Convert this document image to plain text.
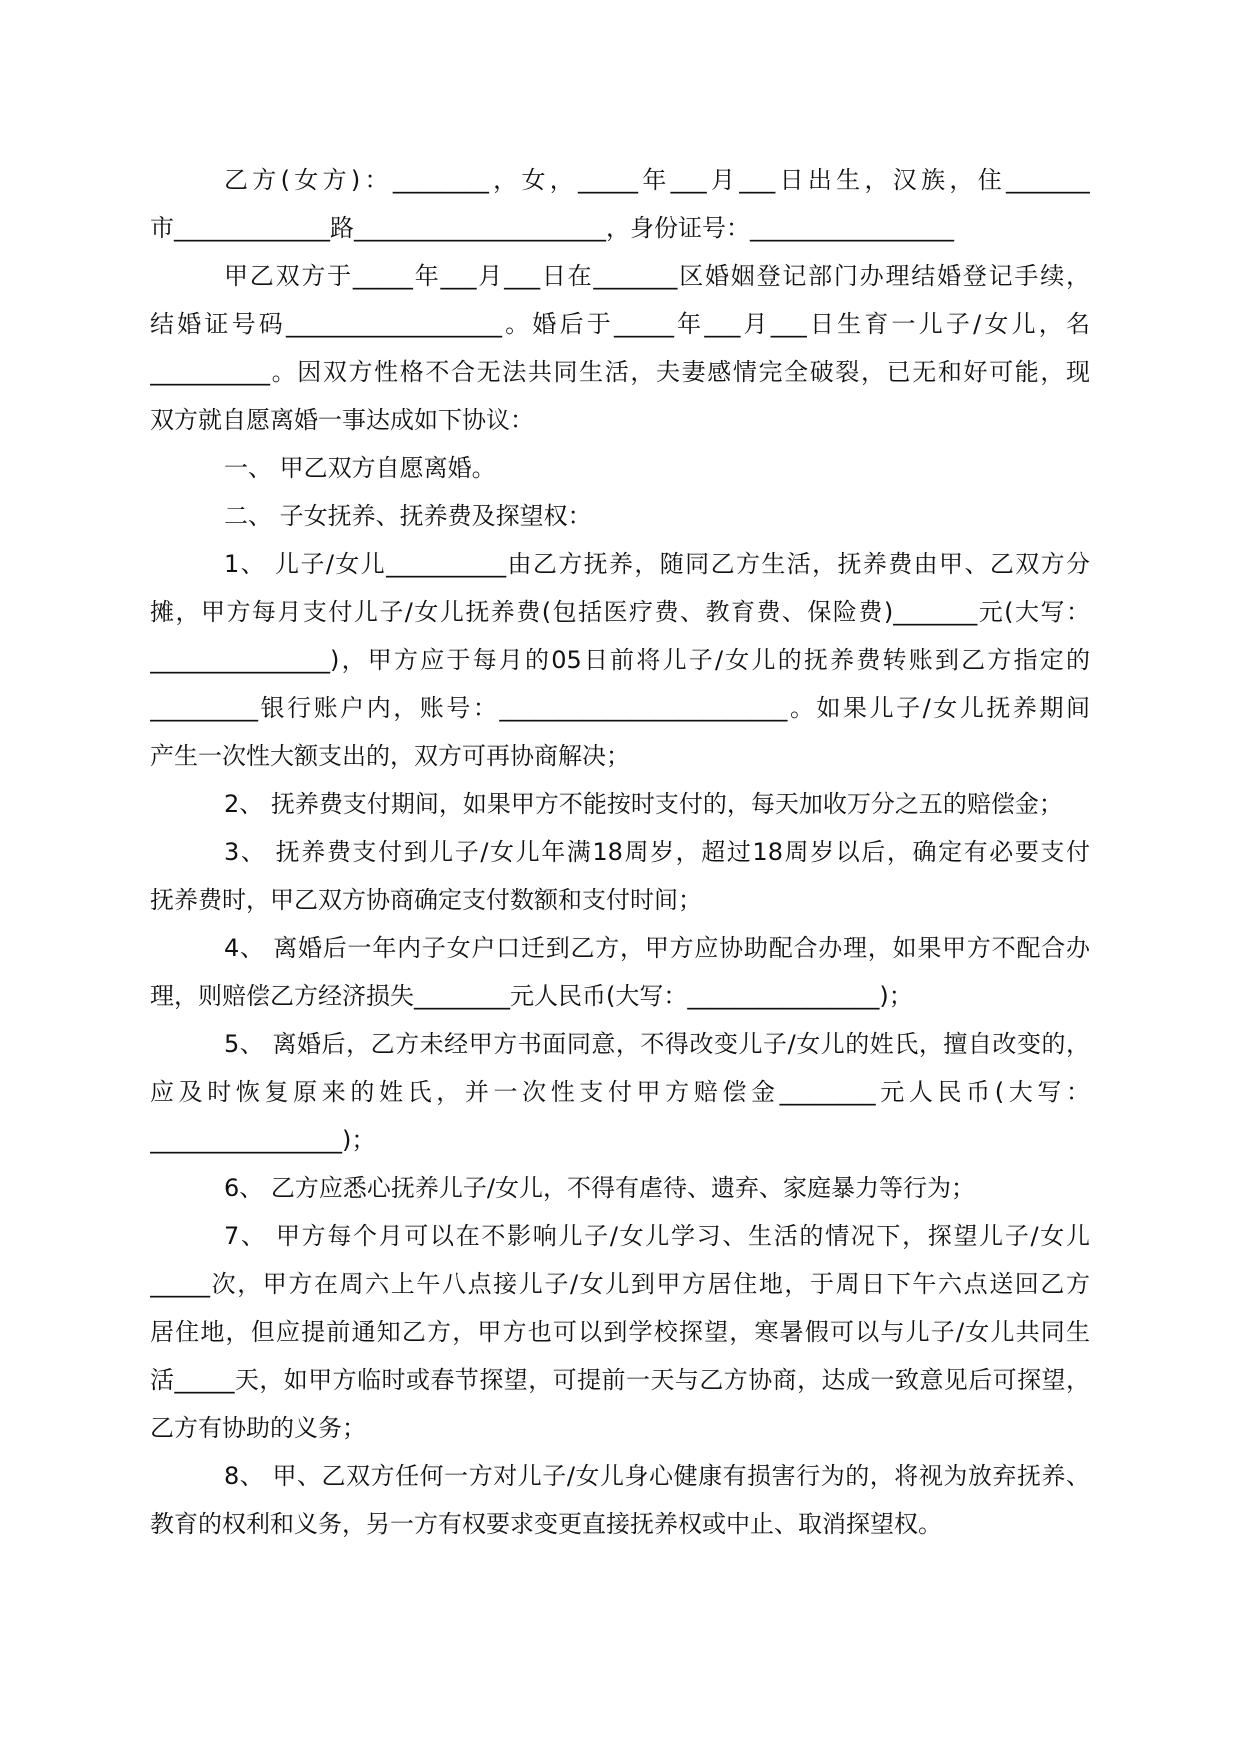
乙方(女方)：________，女，_____年___月___日出生，汉族，住_______
市_____________路_____________________，身份证号：_________________
甲乙双方于_____年___月___日在_______区婚姻登记部门办理结婚登记手续，
结婚证号码__________________。婚后于_____年___月___日生育一儿子/女儿，名
__________。因双方性格不合无法共同生活，夫妻感情完全破裂，已无和好可能，现
双方就自愿离婚一事达成如下协议：
一、 甲乙双方自愿离婚。
二、 子女抚养、抚养费及探望权：
1、 儿子/女儿__________由乙方抚养，随同乙方生活，抚养费由甲、乙双方分
摊，甲方每月支付儿子/女儿抚养费(包括医疗费、教育费、保险费)_______元(大写：
_______________)，甲方应于每月的05日前将儿子/女儿的抚养费转账到乙方指定的
_________银行账户内，账号：________________________。如果儿子/女儿抚养期间
产生一次性大额支出的，双方可再协商解决；
2、 抚养费支付期间，如果甲方不能按时支付的，每天加收万分之五的赔偿金；
3、 抚养费支付到儿子/女儿年满18周岁，超过18周岁以后，确定有必要支付
抚养费时，甲乙双方协商确定支付数额和支付时间；
4、 离婚后一年内子女户口迁到乙方，甲方应协助配合办理，如果甲方不配合办
理，则赔偿乙方经济损失________元人民币(大写：________________)；
5、 离婚后，乙方未经甲方书面同意，不得改变儿子/女儿的姓氏，擅自改变的，
应及时恢复原来的姓氏，并一次性支付甲方赔偿金________元人民币(大写：
________________)；
6、 乙方应悉心抚养儿子/女儿，不得有虐待、遗弃、家庭暴力等行为；
7、 甲方每个月可以在不影响儿子/女儿学习、生活的情况下，探望儿子/女儿
_____次，甲方在周六上午八点接儿子/女儿到甲方居住地，于周日下午六点送回乙方
居住地，但应提前通知乙方，甲方也可以到学校探望，寒暑假可以与儿子/女儿共同生
活_____天，如甲方临时或春节探望，可提前一天与乙方协商，达成一致意见后可探望，
乙方有协助的义务；
8、 甲、乙双方任何一方对儿子/女儿身心健康有损害行为的，将视为放弃抚养、
教育的权利和义务，另一方有权要求变更直接抚养权或中止、取消探望权。
